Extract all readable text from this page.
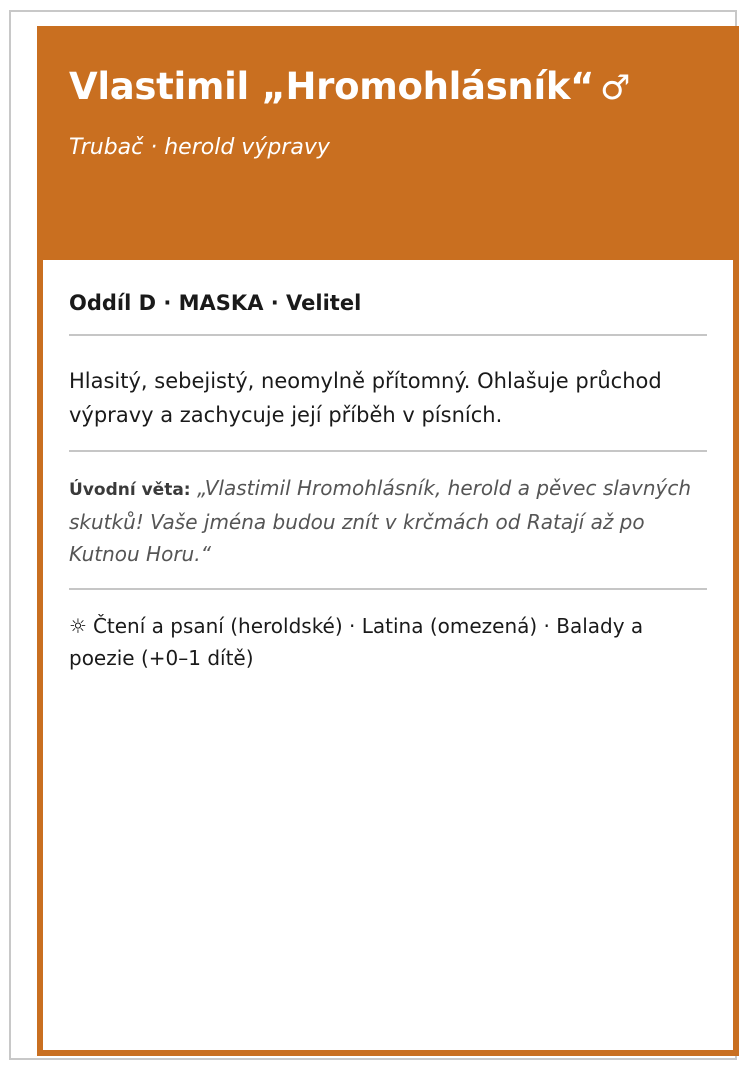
Vlastimil „Hromohlásník“ ♂

Trubač · herold výpravy

Oddíl D · MASKA · Velitel

Hlasitý, sebejistý, neomylně přítomný. Ohlašuje průchod výpravy a zachycuje její příběh v písních.

Úvodní věta: „Vlastimil Hromohlásník, herold a pěvec slavných skutků! Vaše jména budou znít v krčmách od Ratají až po Kutnou Horu.“

☼ Čtení a psaní (heroldské) · Latina (omezená) · Balady a poezie (+0–1 dítě)
